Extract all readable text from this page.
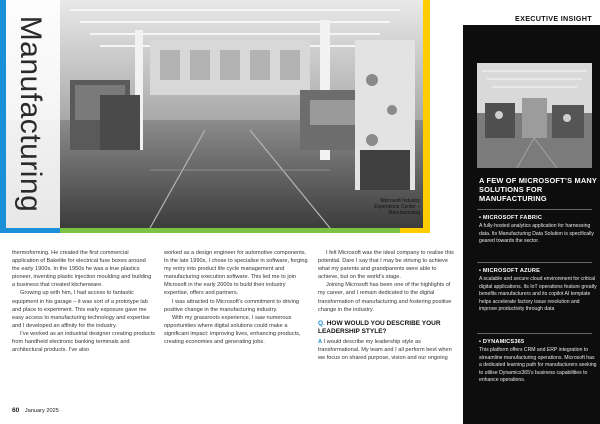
Microsoft Industry
Experience Center –
Manufacturing
Manufacturing

thermoforming. He created the first commercial application of Bakelite for electrical fuse boxes around the early 1900s. In the 1950s he was a true plastics pioneer, inventing plastic injection moulding and building a business that created kitchenware.

Growing up with him, I had access to fantastic equipment in his garage – it was sort of a prototype lab and place to experiment. This early exposure gave me easy access to manufacturing technology and expertise and I developed an affinity for the industry.

I’ve worked as an industrial designer creating products from handheld electronic banking terminals and architectural products. I’ve also

worked as a design engineer for automotive components. In the late 1990s, I chose to specialise in software, forging my entry into product life cycle management and manufacturing execution software. This led me to join Microsoft in the early 2000s to build their industry expertise, offers and partners.

I was attracted to Microsoft’s commitment to driving positive change in the manufacturing industry.

With my grassroots experience, I saw numerous opportunities where digital solutions could make a significant impact: improving lives, enhancing products, creating economies and generating jobs.

I felt Microsoft was the ideal company to realise this potential. Dare I say that I may be striving to achieve what my parents and grandparents were able to achieve, but on the world’s stage.

Joining Microsoft has been one of the highlights of my career, and I remain dedicated to the digital transformation of manufacturing and fostering positive change in the industry.

Q. HOW WOULD YOU DESCRIBE YOUR LEADERSHIP STYLE?

A I would describe my leadership style as transformational. My team and I all perform best when we focus on shared purpose, vision and our ongoing

60 January 2025
EXECUTIVE INSIGHT
A FEW OF MICROSOFT’S MANY SOLUTIONS FOR MANUFACTURING
• MICROSOFT FABRIC
A fully-hosted analytics application for harnessing data. Its Manufacturing Data Solution is specifically geared towards the sector.
• MICROSOFT AZURE
A scalable and secure cloud environment for critical digital applications. Its IoT operations feature greatly benefits manufacturers and its copilot AI template helps accelerate factory issue resolution and improve productivity through data
• DYNAMICS365
This platform offers CRM and ERP integration to streamline manufacturing operations. Microsoft has a dedicated learning path for manufacturers seeking to utilise Dynamics365’s business capabilities to enhance operations.
